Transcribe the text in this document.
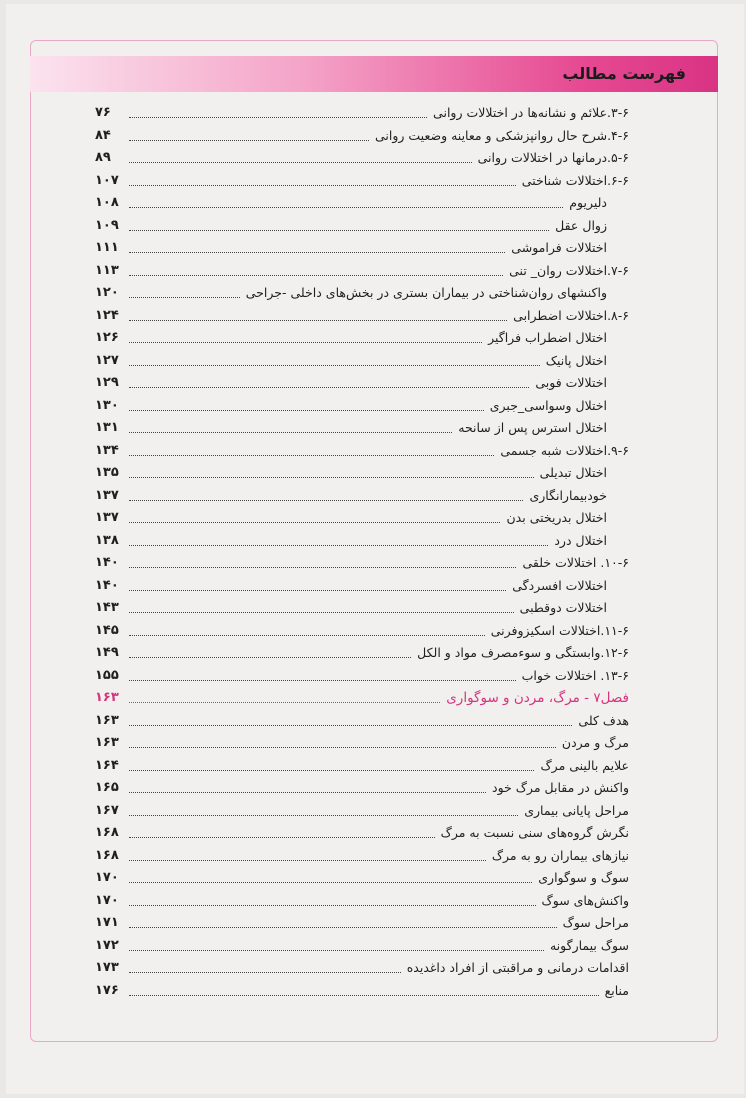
فهرست مطالب
۳-۶.علائم و نشانه‌ها در اختلالات روانی
۷۶
۴-۶.شرح حال روانپزشکی و معاینه وضعیت روانی
۸۴
۵-۶.درمانها در اختلالات روانی
۸۹
۶-۶.اختلالات شناختی
۱۰۷
دلیریوم
۱۰۸
زوال عقل
۱۰۹
اختلالات فراموشی
۱۱۱
۷-۶.اختلالات روان_ تنی
۱۱۳
واکنشهای روان‌شناختی در بیماران بستری در بخش‌های داخلی -جراحی
۱۲۰
۸-۶.اختلالات اضطرابی
۱۲۴
اختلال اضطراب فراگیر
۱۲۶
اختلال پانیک
۱۲۷
اختلالات فوبی
۱۲۹
اختلال وسواسی_جبری
۱۳۰
اختلال استرس پس از سانحه
۱۳۱
۹-۶.اختلالات شبه جسمی
۱۳۴
اختلال تبدیلی
۱۳۵
خودبیمارانگاری
۱۳۷
اختلال بدریختی بدن
۱۳۷
اختلال درد
۱۳۸
۱۰-۶. اختلالات خلقی
۱۴۰
اختلالات افسردگی
۱۴۰
اختلالات دوقطبی
۱۴۳
۱۱-۶.اختلالات اسکیزوفرنی
۱۴۵
۱۲-۶.وابستگی و سوءمصرف مواد و الکل
۱۴۹
۱۳-۶. اختلالات خواب
۱۵۵
فصل۷ - مرگ، مردن و سوگواری
۱۶۳
هدف کلی
۱۶۳
مرگ و مردن
۱۶۳
علایم بالینی مرگ
۱۶۴
واکنش در مقابل مرگ خود
۱۶۵
مراحل پایانی بیماری
۱۶۷
نگرش گروه‌های سنی نسبت به مرگ
۱۶۸
نیازهای بیماران رو به مرگ
۱۶۸
سوگ و سوگواری
۱۷۰
واکنش‌های سوگ
۱۷۰
مراحل سوگ
۱۷۱
سوگ بیمارگونه
۱۷۲
اقدامات درمانی و مراقبتی از افراد داغدیده
۱۷۳
منابع
۱۷۶
